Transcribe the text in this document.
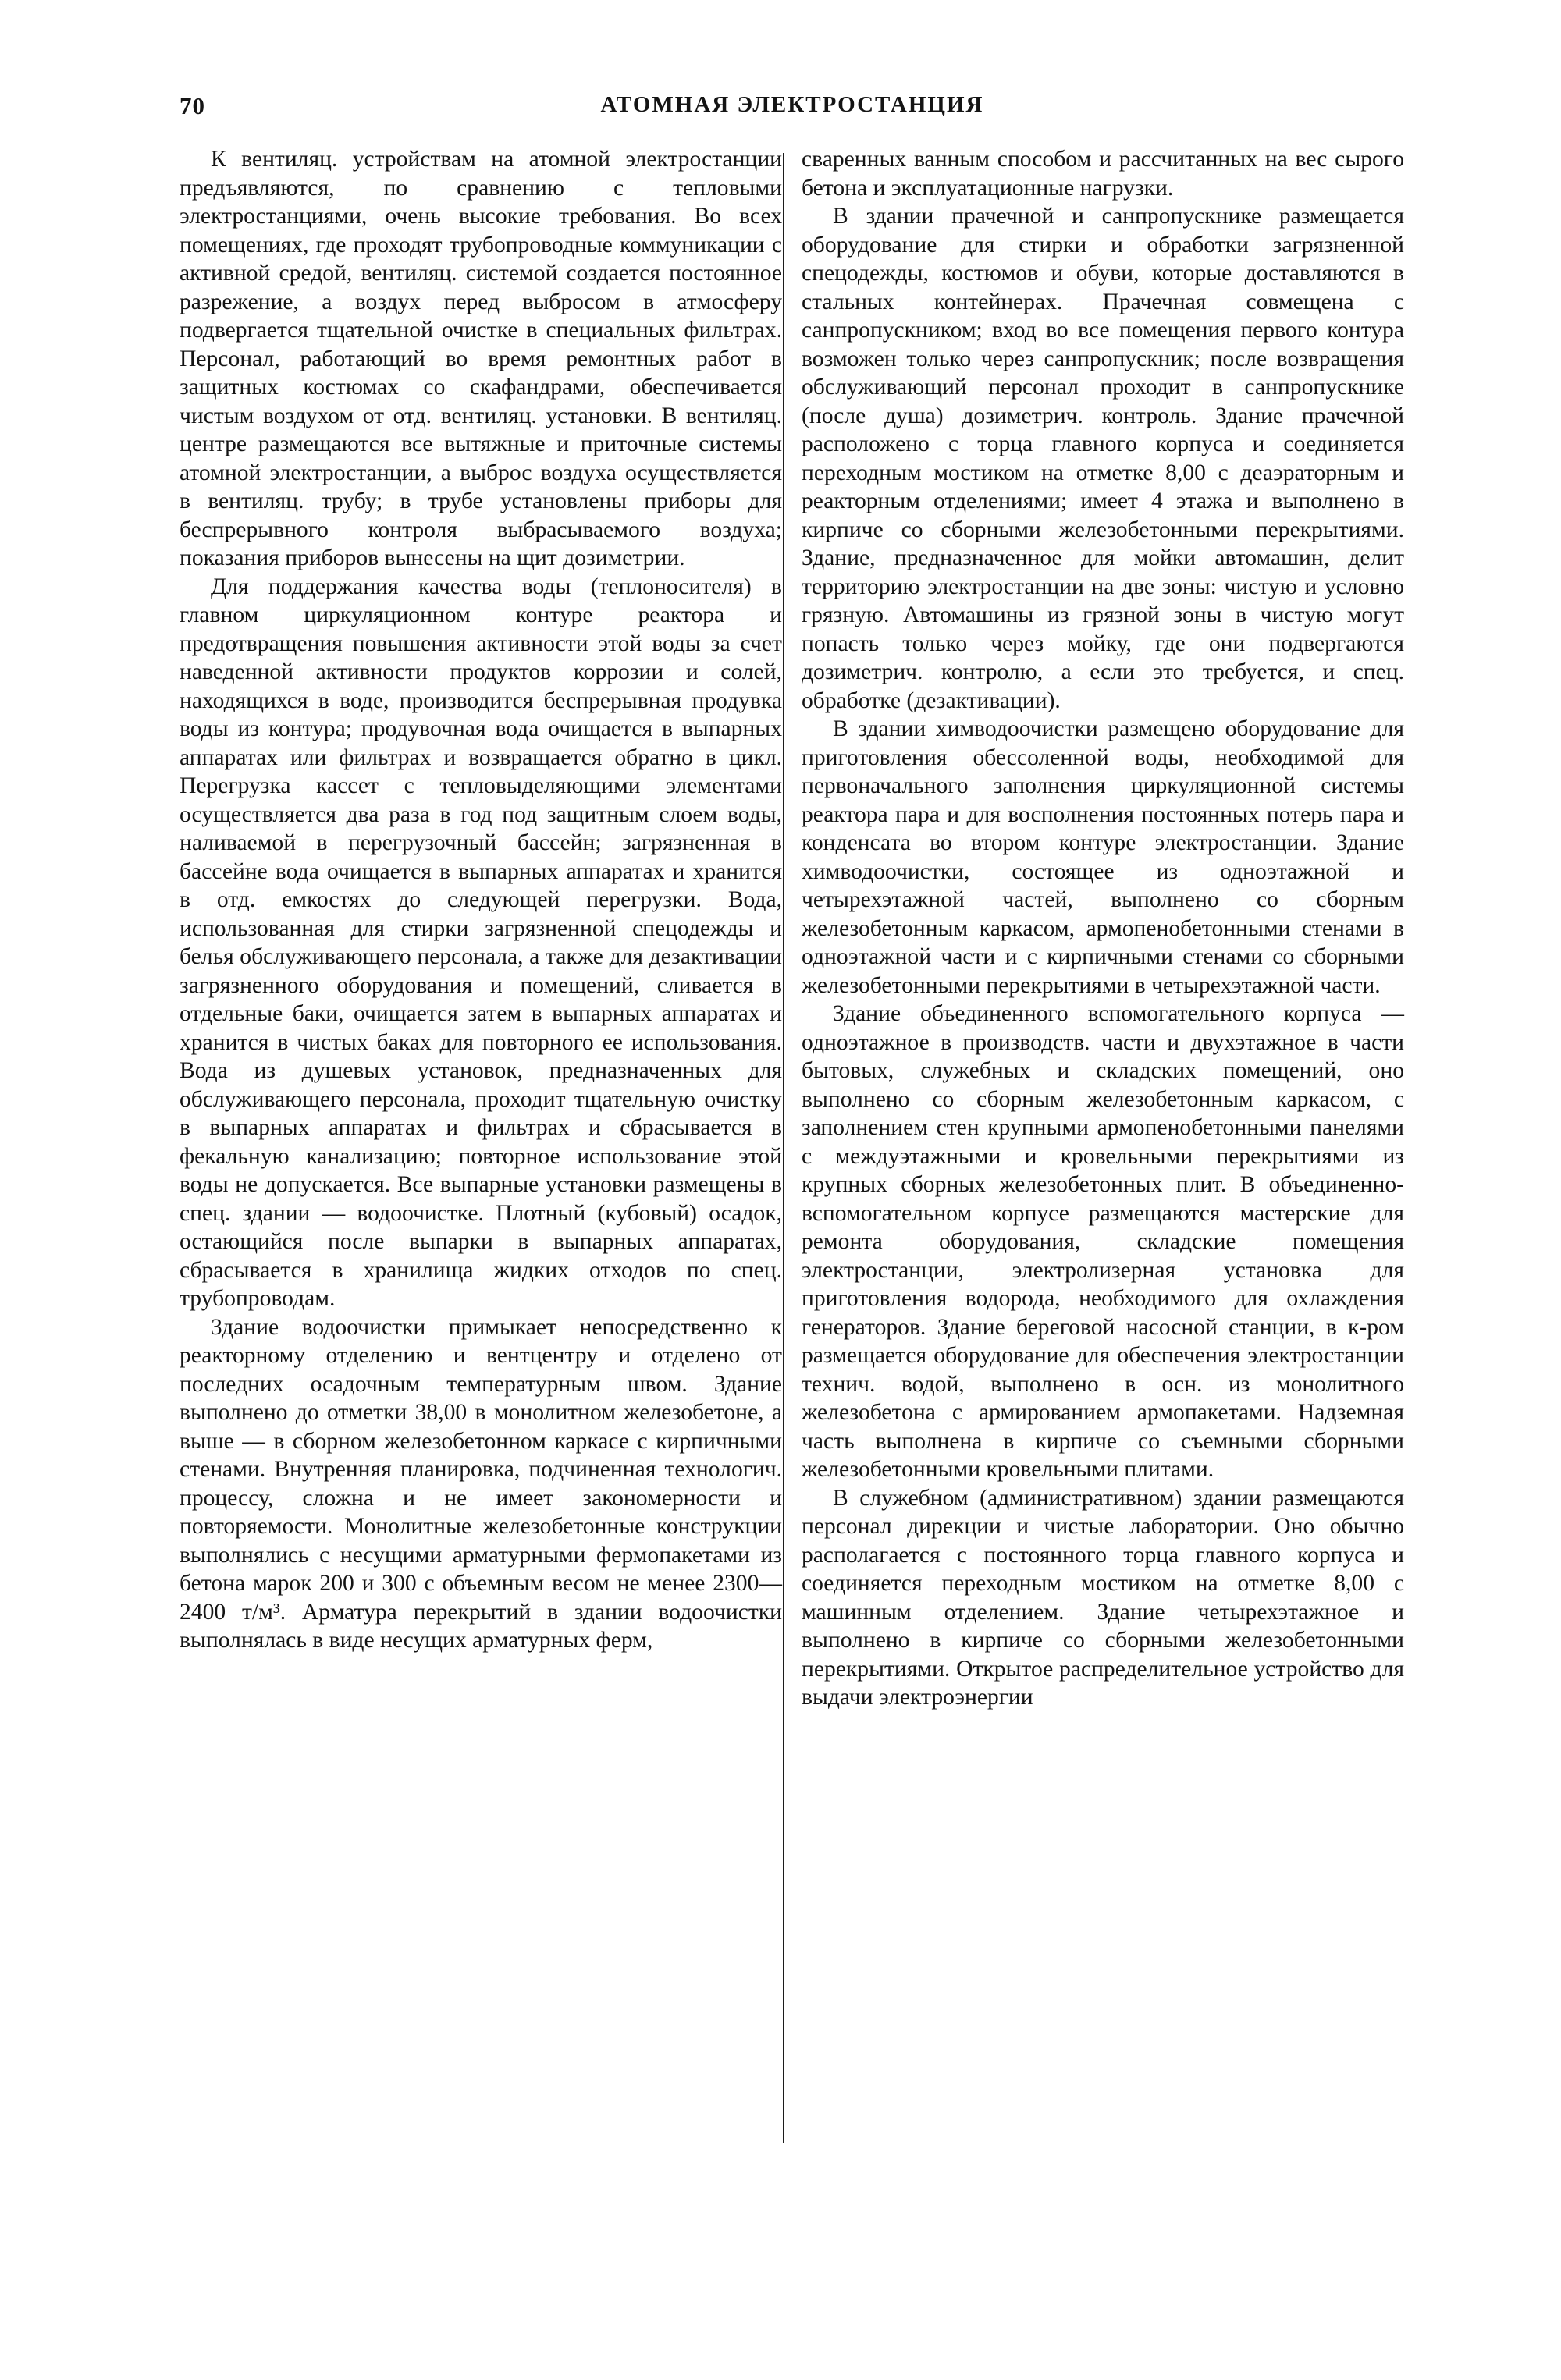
70	АТОМНАЯ ЭЛЕКТРОСТАНЦИЯ

К вентиляц. устройствам на атомной электростанции предъявляются, по сравнению с тепловыми электростанциями, очень высокие требования. Во всех помещениях, где проходят трубопроводные коммуникации с активной средой, вентиляц. системой создается постоянное разрежение, а воздух перед выбросом в атмосферу подвергается тщательной очистке в специальных фильтрах. Персонал, работающий во время ремонтных работ в защитных костюмах со скафандрами, обеспечивается чистым воздухом от отд. вентиляц. установки. В вентиляц. центре размещаются все вытяжные и приточные системы атомной электростанции, а выброс воздуха осуществляется в вентиляц. трубу; в трубе установлены приборы для беспрерывного контроля выбрасываемого воздуха; показания приборов вынесены на щит дозиметрии.

Для поддержания качества воды (теплоносителя) в главном циркуляционном контуре реактора и предотвращения повышения активности этой воды за счет наведенной активности продуктов коррозии и солей, находящихся в воде, производится беспрерывная продувка воды из контура; продувочная вода очищается в выпарных аппаратах или фильтрах и возвращается обратно в цикл. Перегрузка кассет с тепловыделяющими элементами осуществляется два раза в год под защитным слоем воды, наливаемой в перегрузочный бассейн; загрязненная в бассейне вода очищается в выпарных аппаратах и хранится в отд. емкостях до следующей перегрузки. Вода, использованная для стирки загрязненной спецодежды и белья обслуживающего персонала, а также для дезактивации загрязненного оборудования и помещений, сливается в отдельные баки, очищается затем в выпарных аппаратах и хранится в чистых баках для повторного ее использования. Вода из душевых установок, предназначенных для обслуживающего персонала, проходит тщательную очистку в выпарных аппаратах и фильтрах и сбрасывается в фекальную канализацию; повторное использование этой воды не допускается. Все выпарные установки размещены в спец. здании — водоочистке. Плотный (кубовый) осадок, остающийся после выпарки в выпарных аппаратах, сбрасывается в хранилища жидких отходов по спец. трубопроводам.

Здание водоочистки примыкает непосредственно к реакторному отделению и вентцентру и отделено от последних осадочным температурным швом. Здание выполнено до отметки 38,00 в монолитном железобетоне, а выше — в сборном железобетонном каркасе с кирпичными стенами. Внутренняя планировка, подчиненная технологич. процессу, сложна и не имеет закономерности и повторяемости. Монолитные железобетонные конструкции выполнялись с несущими арматурными фермопакетами из бетона марок 200 и 300 с объемным весом не менее 2300—2400 т/м³. Арматура перекрытий в здании водоочистки выполнялась в виде несущих арматурных ферм,

сваренных ванным способом и рассчитанных на вес сырого бетона и эксплуатационные нагрузки.

В здании прачечной и санпропускнике размещается оборудование для стирки и обработки загрязненной спецодежды, костюмов и обуви, которые доставляются в стальных контейнерах. Прачечная совмещена с санпропускником; вход во все помещения первого контура возможен только через санпропускник; после возвращения обслуживающий персонал проходит в санпропускнике (после душа) дозиметрич. контроль. Здание прачечной расположено с торца главного корпуса и соединяется переходным мостиком на отметке 8,00 с деаэраторным и реакторным отделениями; имеет 4 этажа и выполнено в кирпиче со сборными железобетонными перекрытиями. Здание, предназначенное для мойки автомашин, делит территорию электростанции на две зоны: чистую и условно грязную. Автомашины из грязной зоны в чистую могут попасть только через мойку, где они подвергаются дозиметрич. контролю, а если это требуется, и спец. обработке (дезактивации).

В здании химводоочистки размещено оборудование для приготовления обессоленной воды, необходимой для первоначального заполнения циркуляционной системы реактора пара и для восполнения постоянных потерь пара и конденсата во втором контуре электростанции. Здание химводоочистки, состоящее из одноэтажной и четырехэтажной частей, выполнено со сборным железобетонным каркасом, армопенобетонными стенами в одноэтажной части и с кирпичными стенами со сборными железобетонными перекрытиями в четырехэтажной части.

Здание объединенного вспомогательного корпуса — одноэтажное в производств. части и двухэтажное в части бытовых, служебных и складских помещений, оно выполнено со сборным железобетонным каркасом, с заполнением стен крупными армопенобетонными панелями с междуэтажными и кровельными перекрытиями из крупных сборных железобетонных плит. В объединенно-вспомогательном корпусе размещаются мастерские для ремонта оборудования, складские помещения электростанции, электролизерная установка для приготовления водорода, необходимого для охлаждения генераторов. Здание береговой насосной станции, в к-ром размещается оборудование для обеспечения электростанции технич. водой, выполнено в осн. из монолитного железобетона с армированием армопакетами. Надземная часть выполнена в кирпиче со съемными сборными железобетонными кровельными плитами.

В служебном (административном) здании размещаются персонал дирекции и чистые лаборатории. Оно обычно располагается с постоянного торца главного корпуса и соединяется переходным мостиком на отметке 8,00 с машинным отделением. Здание четырехэтажное и выполнено в кирпиче со сборными железобетонными перекрытиями. Открытое распределительное устройство для выдачи электроэнергии
